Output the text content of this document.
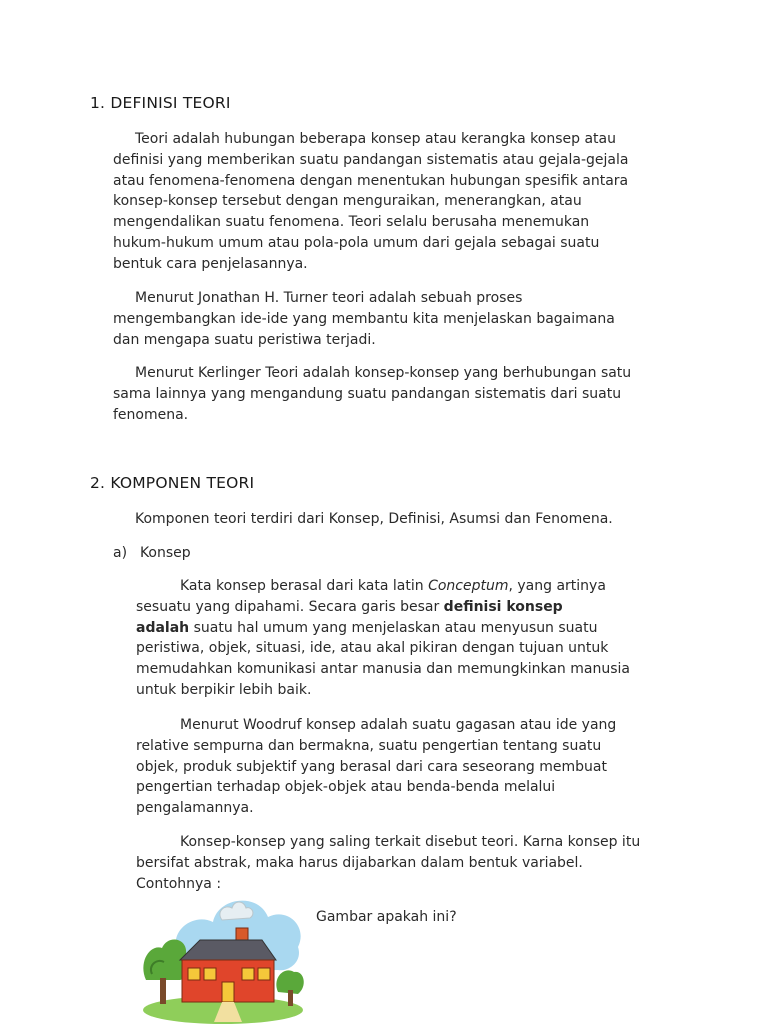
1. DEFINISI TEORI
Teori adalah hubungan beberapa konsep atau kerangka konsep atau
definisi yang memberikan suatu pandangan sistematis atau gejala-gejala
atau fenomena-fenomena dengan menentukan hubungan spesifik antara
konsep-konsep tersebut dengan menguraikan, menerangkan, atau
mengendalikan suatu fenomena. Teori selalu berusaha menemukan
hukum-hukum umum atau pola-pola umum dari gejala sebagai suatu
bentuk cara penjelasannya.
Menurut Jonathan H. Turner teori adalah sebuah proses
mengembangkan ide-ide yang membantu kita menjelaskan bagaimana
dan mengapa suatu peristiwa terjadi.
Menurut Kerlinger Teori adalah konsep-konsep yang berhubungan satu
sama lainnya yang mengandung suatu pandangan sistematis dari suatu
fenomena.
2. KOMPONEN TEORI
Komponen teori terdiri dari Konsep, Definisi, Asumsi dan Fenomena.
a) Konsep
Kata konsep berasal dari kata latin Conceptum, yang artinya
sesuatu yang dipahami. Secara garis besar definisi konsep
adalah suatu hal umum yang menjelaskan atau menyusun suatu
peristiwa, objek, situasi, ide, atau akal pikiran dengan tujuan untuk
memudahkan komunikasi antar manusia dan memungkinkan manusia
untuk berpikir lebih baik.
Menurut Woodruf konsep adalah suatu gagasan atau ide yang
relative sempurna dan bermakna, suatu pengertian tentang suatu
objek, produk subjektif yang berasal dari cara seseorang membuat
pengertian terhadap objek-objek atau benda-benda melalui
pengalamannya.
Konsep-konsep yang saling terkait disebut teori. Karna konsep itu
bersifat abstrak, maka harus dijabarkan dalam bentuk variabel.
Contohnya :
Gambar apakah ini?
